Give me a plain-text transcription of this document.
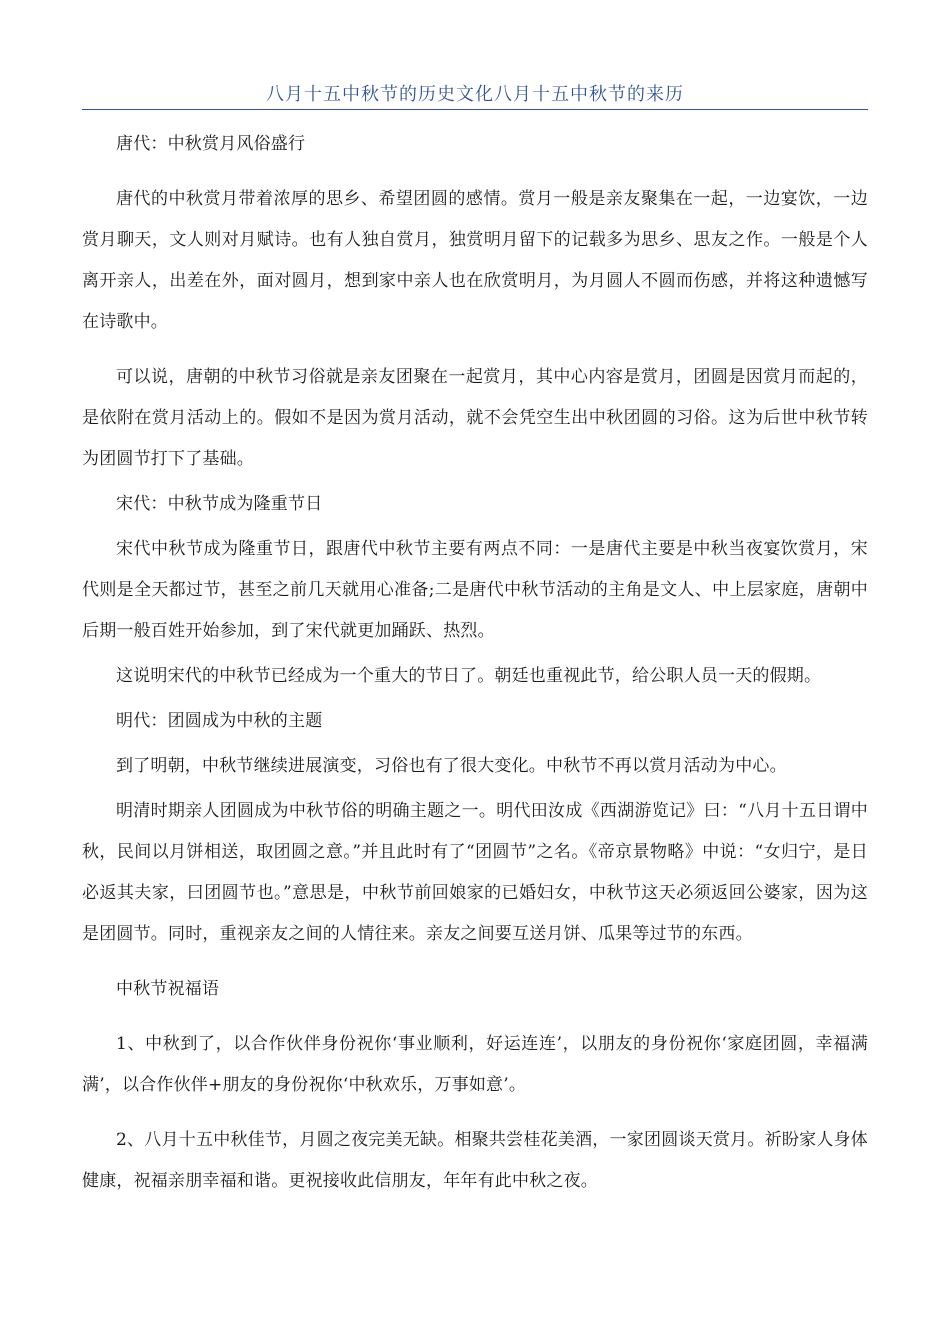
八月十五中秋节的历史文化八月十五中秋节的来历

唐代：中秋赏月风俗盛行

唐代的中秋赏月带着浓厚的思乡、希望团圆的感情。赏月一般是亲友聚集在一起，一边宴饮，一边赏月聊天，文人则对月赋诗。也有人独自赏月，独赏明月留下的记载多为思乡、思友之作。一般是个人离开亲人，出差在外，面对圆月，想到家中亲人也在欣赏明月，为月圆人不圆而伤感，并将这种遗憾写在诗歌中。

可以说，唐朝的中秋节习俗就是亲友团聚在一起赏月，其中心内容是赏月，团圆是因赏月而起的，是依附在赏月活动上的。假如不是因为赏月活动，就不会凭空生出中秋团圆的习俗。这为后世中秋节转为团圆节打下了基础。

宋代：中秋节成为隆重节日

宋代中秋节成为隆重节日，跟唐代中秋节主要有两点不同：一是唐代主要是中秋当夜宴饮赏月，宋代则是全天都过节，甚至之前几天就用心准备;二是唐代中秋节活动的主角是文人、中上层家庭，唐朝中后期一般百姓开始参加，到了宋代就更加踊跃、热烈。

这说明宋代的中秋节已经成为一个重大的节日了。朝廷也重视此节，给公职人员一天的假期。

明代：团圆成为中秋的主题

到了明朝，中秋节继续进展演变，习俗也有了很大变化。中秋节不再以赏月活动为中心。

明清时期亲人团圆成为中秋节俗的明确主题之一。明代田汝成《西湖游览记》曰：“八月十五日谓中秋，民间以月饼相送，取团圆之意。”并且此时有了“团圆节”之名。《帝京景物略》中说：“女归宁，是日必返其夫家，曰团圆节也。”意思是，中秋节前回娘家的已婚妇女，中秋节这天必须返回公婆家，因为这是团圆节。同时，重视亲友之间的人情往来。亲友之间要互送月饼、瓜果等过节的东西。

中秋节祝福语

1、中秋到了，以合作伙伴身份祝你‘事业顺利，好运连连’，以朋友的身份祝你‘家庭团圆，幸福满满’，以合作伙伴+朋友的身份祝你‘中秋欢乐，万事如意’。

2、八月十五中秋佳节，月圆之夜完美无缺。相聚共尝桂花美酒，一家团圆谈天赏月。祈盼家人身体健康，祝福亲朋幸福和谐。更祝接收此信朋友，年年有此中秋之夜。
